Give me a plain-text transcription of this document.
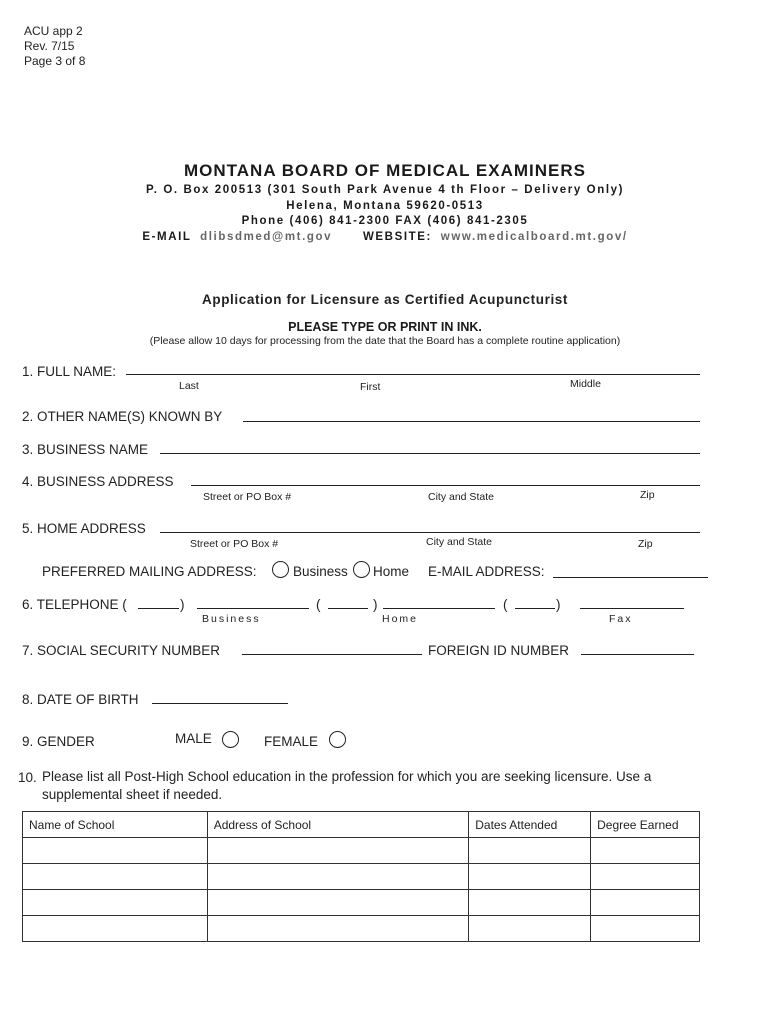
ACU app 2
Rev. 7/15
Page 3 of 8
MONTANA BOARD OF MEDICAL EXAMINERS
P. O. Box 200513 (301 South Park Avenue 4 th Floor – Delivery Only)
Helena, Montana 59620-0513
Phone (406) 841-2300 FAX (406) 841-2305
E-MAIL dlibsdmed@mt.gov	WEBSITE: www.medicalboard.mt.gov/
Application for Licensure as Certified Acupuncturist
PLEASE TYPE OR PRINT IN INK.
(Please allow 10 days for processing from the date that the Board has a complete routine application)
1. FULL NAME:
Last	First	Middle
2. OTHER NAME(S) KNOWN BY
3. BUSINESS NAME
4. BUSINESS ADDRESS
Street or PO Box #	City and State	Zip
5. HOME ADDRESS
Street or PO Box #	City and State	Zip
PREFERRED MAILING ADDRESS:	Business Home E-MAIL ADDRESS:
6. TELEPHONE (	)	(	)	(	)
Business	Home	Fax
7. SOCIAL SECURITY NUMBER	FOREIGN ID NUMBER
8. DATE OF BIRTH
9. GENDER	MALE	FEMALE
10. Please list all Post-High School education in the profession for which you are seeking licensure. Use a
supplemental sheet if needed.
Name of School	Address of School	Dates Attended	Degree Earned
